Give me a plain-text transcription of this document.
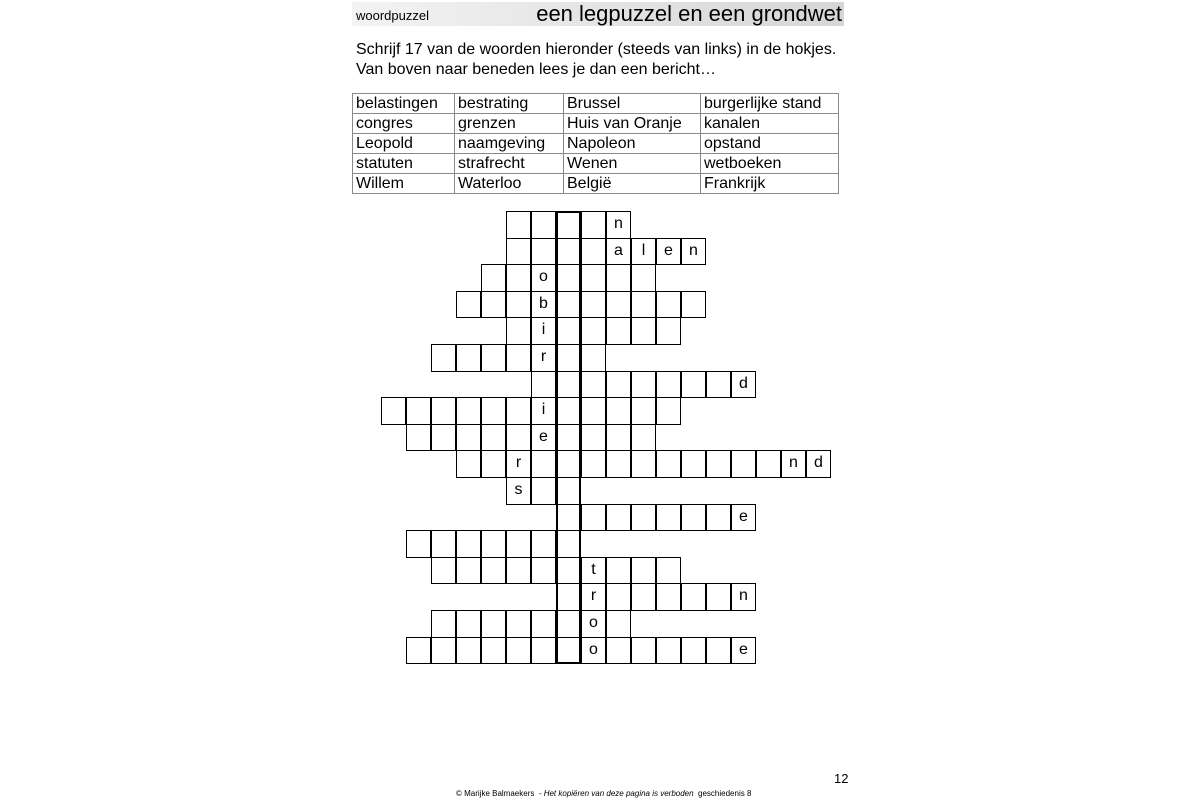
woordpuzzel	een legpuzzel en een grondwet

Schrijf 17 van de woorden hieronder (steeds van links) in de hokjes. Van boven naar beneden lees je dan een bericht…

belastingen	bestrating	Brussel	burgerlijke stand
congres	grenzen	Huis van Oranje	kanalen
Leopold	naamgeving	Napoleon	opstand
statuten	strafrecht	Wenen	wetboeken
Willem	Waterloo	België	Frankrijk
n
a	l	e	n
o
b
i
r
d
i
e
r	n	d
s
e
t
r	n
o
o	e
12
© Marijke Balmaekers - Het kopiëren van deze pagina is verboden geschiedenis 8
